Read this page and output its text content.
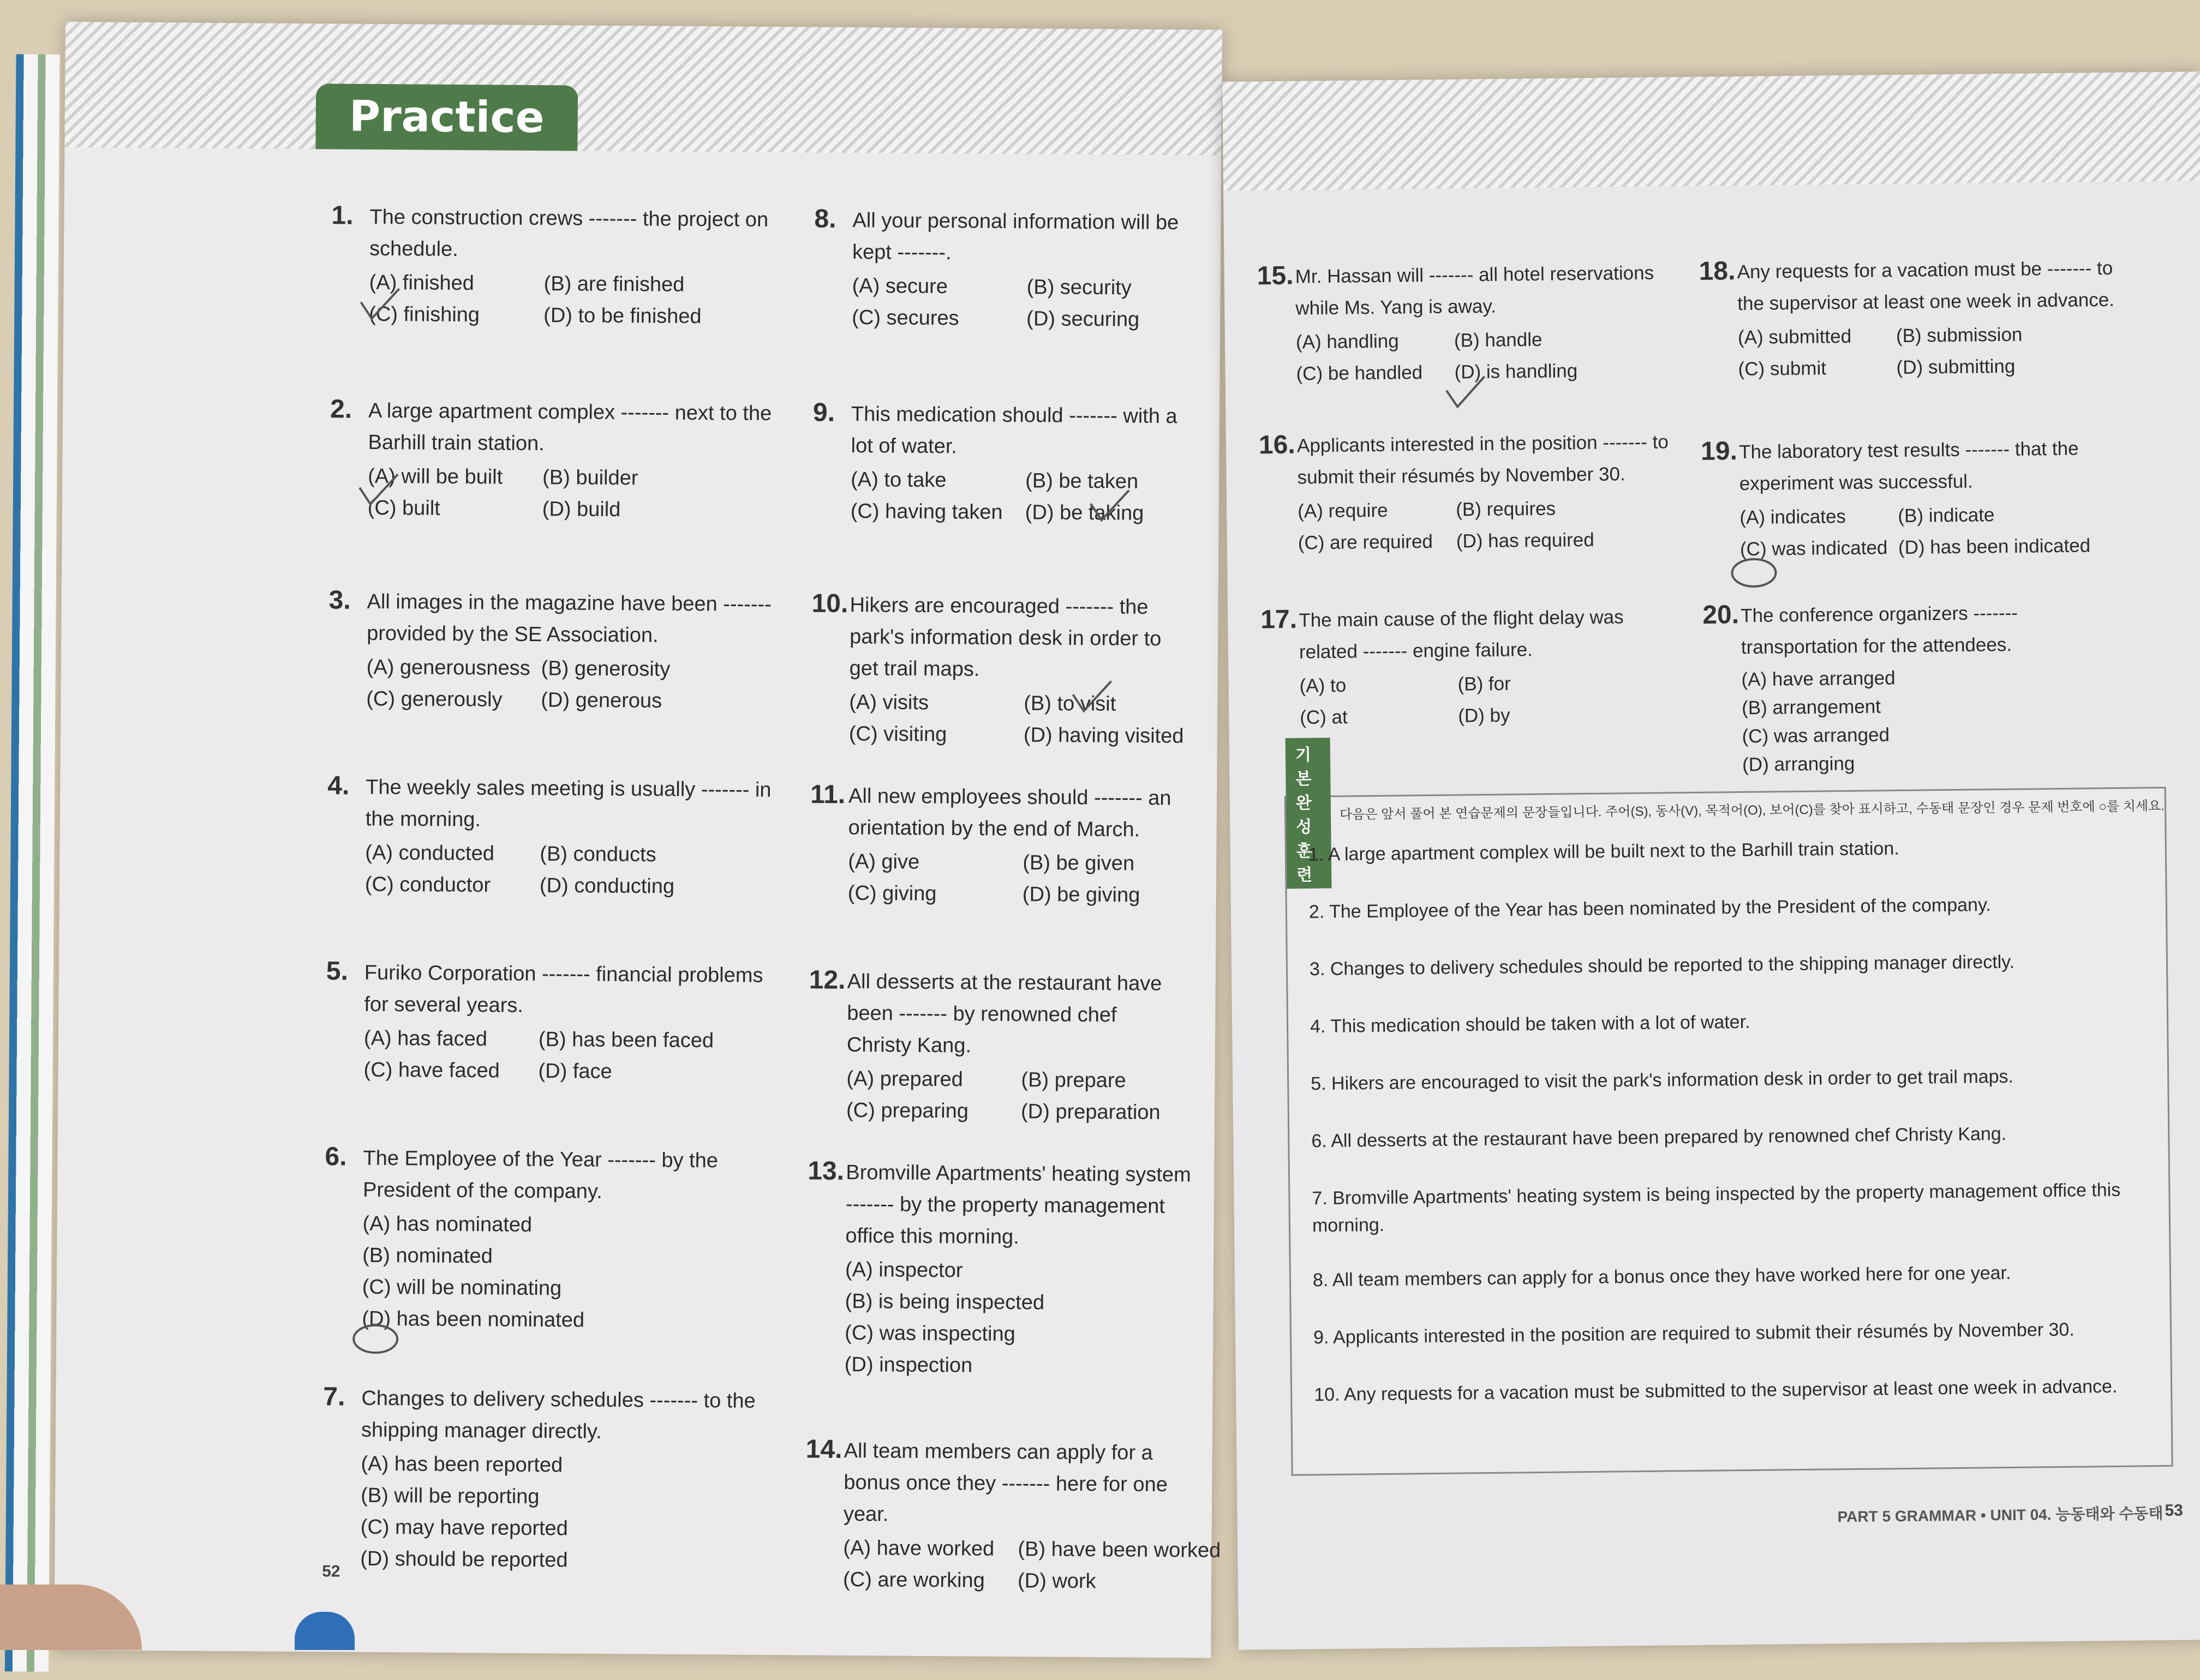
Practice
1. The construction crews ------- the project on schedule.
(A) finished	(B) are finished
(C) finishing	(D) to be finished
2. A large apartment complex ------- next to the Barhill train station.
(A) will be built	(B) builder
(C) built	(D) build
3. All images in the magazine have been ------- provided by the SE Association.
(A) generousness (B) generosity
(C) generously	(D) generous
4. The weekly sales meeting is usually ------- in the morning.
(A) conducted	(B) conducts
(C) conductor	(D) conducting
5. Furiko Corporation ------- financial problems for several years.
(A) has faced	(B) has been faced
(C) have faced	(D) face
6. The Employee of the Year ------- by the President of the company.
(A) has nominated
(B) nominated
(C) will be nominating
(D) has been nominated
7. Changes to delivery schedules ------- to the shipping manager directly.
(A) has been reported
(B) will be reporting
(C) may have reported
(D) should be reported
8. All your personal information will be kept -------.
(A) secure	(B) security
(C) secures	(D) securing
9. This medication should ------- with a lot of water.
(A) to take	(B) be taken
(C) having taken	(D) be taking
10. Hikers are encouraged ------- the park's information desk in order to get trail maps.
(A) visits	(B) to visit
(C) visiting	(D) having visited
11. All new employees should ------- an orientation by the end of March.
(A) give	(B) be given
(C) giving	(D) be giving
12. All desserts at the restaurant have been ------- by renowned chef Christy Kang.
(A) prepared	(B) prepare
(C) preparing	(D) preparation
13. Bromville Apartments' heating system ------- by the property management office this morning.
(A) inspector
(B) is being inspected
(C) was inspecting
(D) inspection
14. All team members can apply for a bonus once they ------- here for one year.
(A) have worked	(B) have been worked
(C) are working	(D) work
52
15. Mr. Hassan will ------- all hotel reservations while Ms. Yang is away.
(A) handling	(B) handle
(C) be handled	(D) is handling
16. Applicants interested in the position ------- to submit their résumés by November 30.
(A) require	(B) requires
(C) are required	(D) has required
17. The main cause of the flight delay was related ------- engine failure.
(A) to	(B) for
(C) at	(D) by
18. Any requests for a vacation must be ------- to the supervisor at least one week in advance.
(A) submitted	(B) submission
(C) submit	(D) submitting
19. The laboratory test results ------- that the experiment was successful.
(A) indicates	(B) indicate
(C) was indicated (D) has been indicated
20. The conference organizers ------- transportation for the attendees.
(A) have arranged
(B) arrangement
(C) was arranged
(D) arranging
기본 완성 훈련
다음은 앞서 풀어 본 연습문제의 문장들입니다. 주어(S), 동사(V), 목적어(O), 보어(C)를 찾아 표시하고, 수동태 문장인 경우 문제 번호에 ○를 치세요.
1. A large apartment complex will be built next to the Barhill train station.
2. The Employee of the Year has been nominated by the President of the company.
3. Changes to delivery schedules should be reported to the shipping manager directly.
4. This medication should be taken with a lot of water.
5. Hikers are encouraged to visit the park's information desk in order to get trail maps.
6. All desserts at the restaurant have been prepared by renowned chef Christy Kang.
7. Bromville Apartments' heating system is being inspected by the property management office this morning.
8. All team members can apply for a bonus once they have worked here for one year.
9. Applicants interested in the position are required to submit their résumés by November 30.
10. Any requests for a vacation must be submitted to the supervisor at least one week in advance.
PART 5 GRAMMAR • UNIT 04. 능동태와 수동태 53
